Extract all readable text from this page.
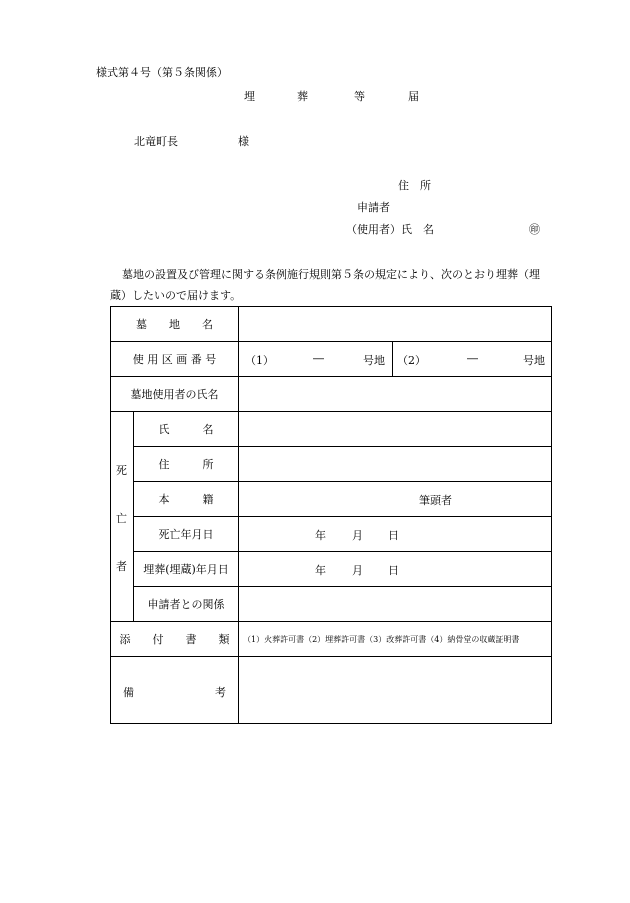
様式第４号（第５条関係）
埋	葬	等	届
北竜町長	様
住　所
申請者
（使用者） 氏　名	㊞
墓地の設置及び管理に関する条例施行規則第５条の規定により、次のとおり埋葬（埋
蔵）したいので届けます。
墓　　地　　名
使 用 区 画 番 号	（1）	―	号地 （2）	―	号地
墓地使用者の氏名
死
亡
者
氏　　　名
住　　　所
本　　　籍	筆頭者
死亡年月日	年 月 日
埋葬(埋蔵)年月日	年 月 日
申請者との関係
添　　付　　書　　類 （1）火葬許可書（2）埋葬許可書（3）改葬許可書（4）納骨堂の収蔵証明書
備	考
